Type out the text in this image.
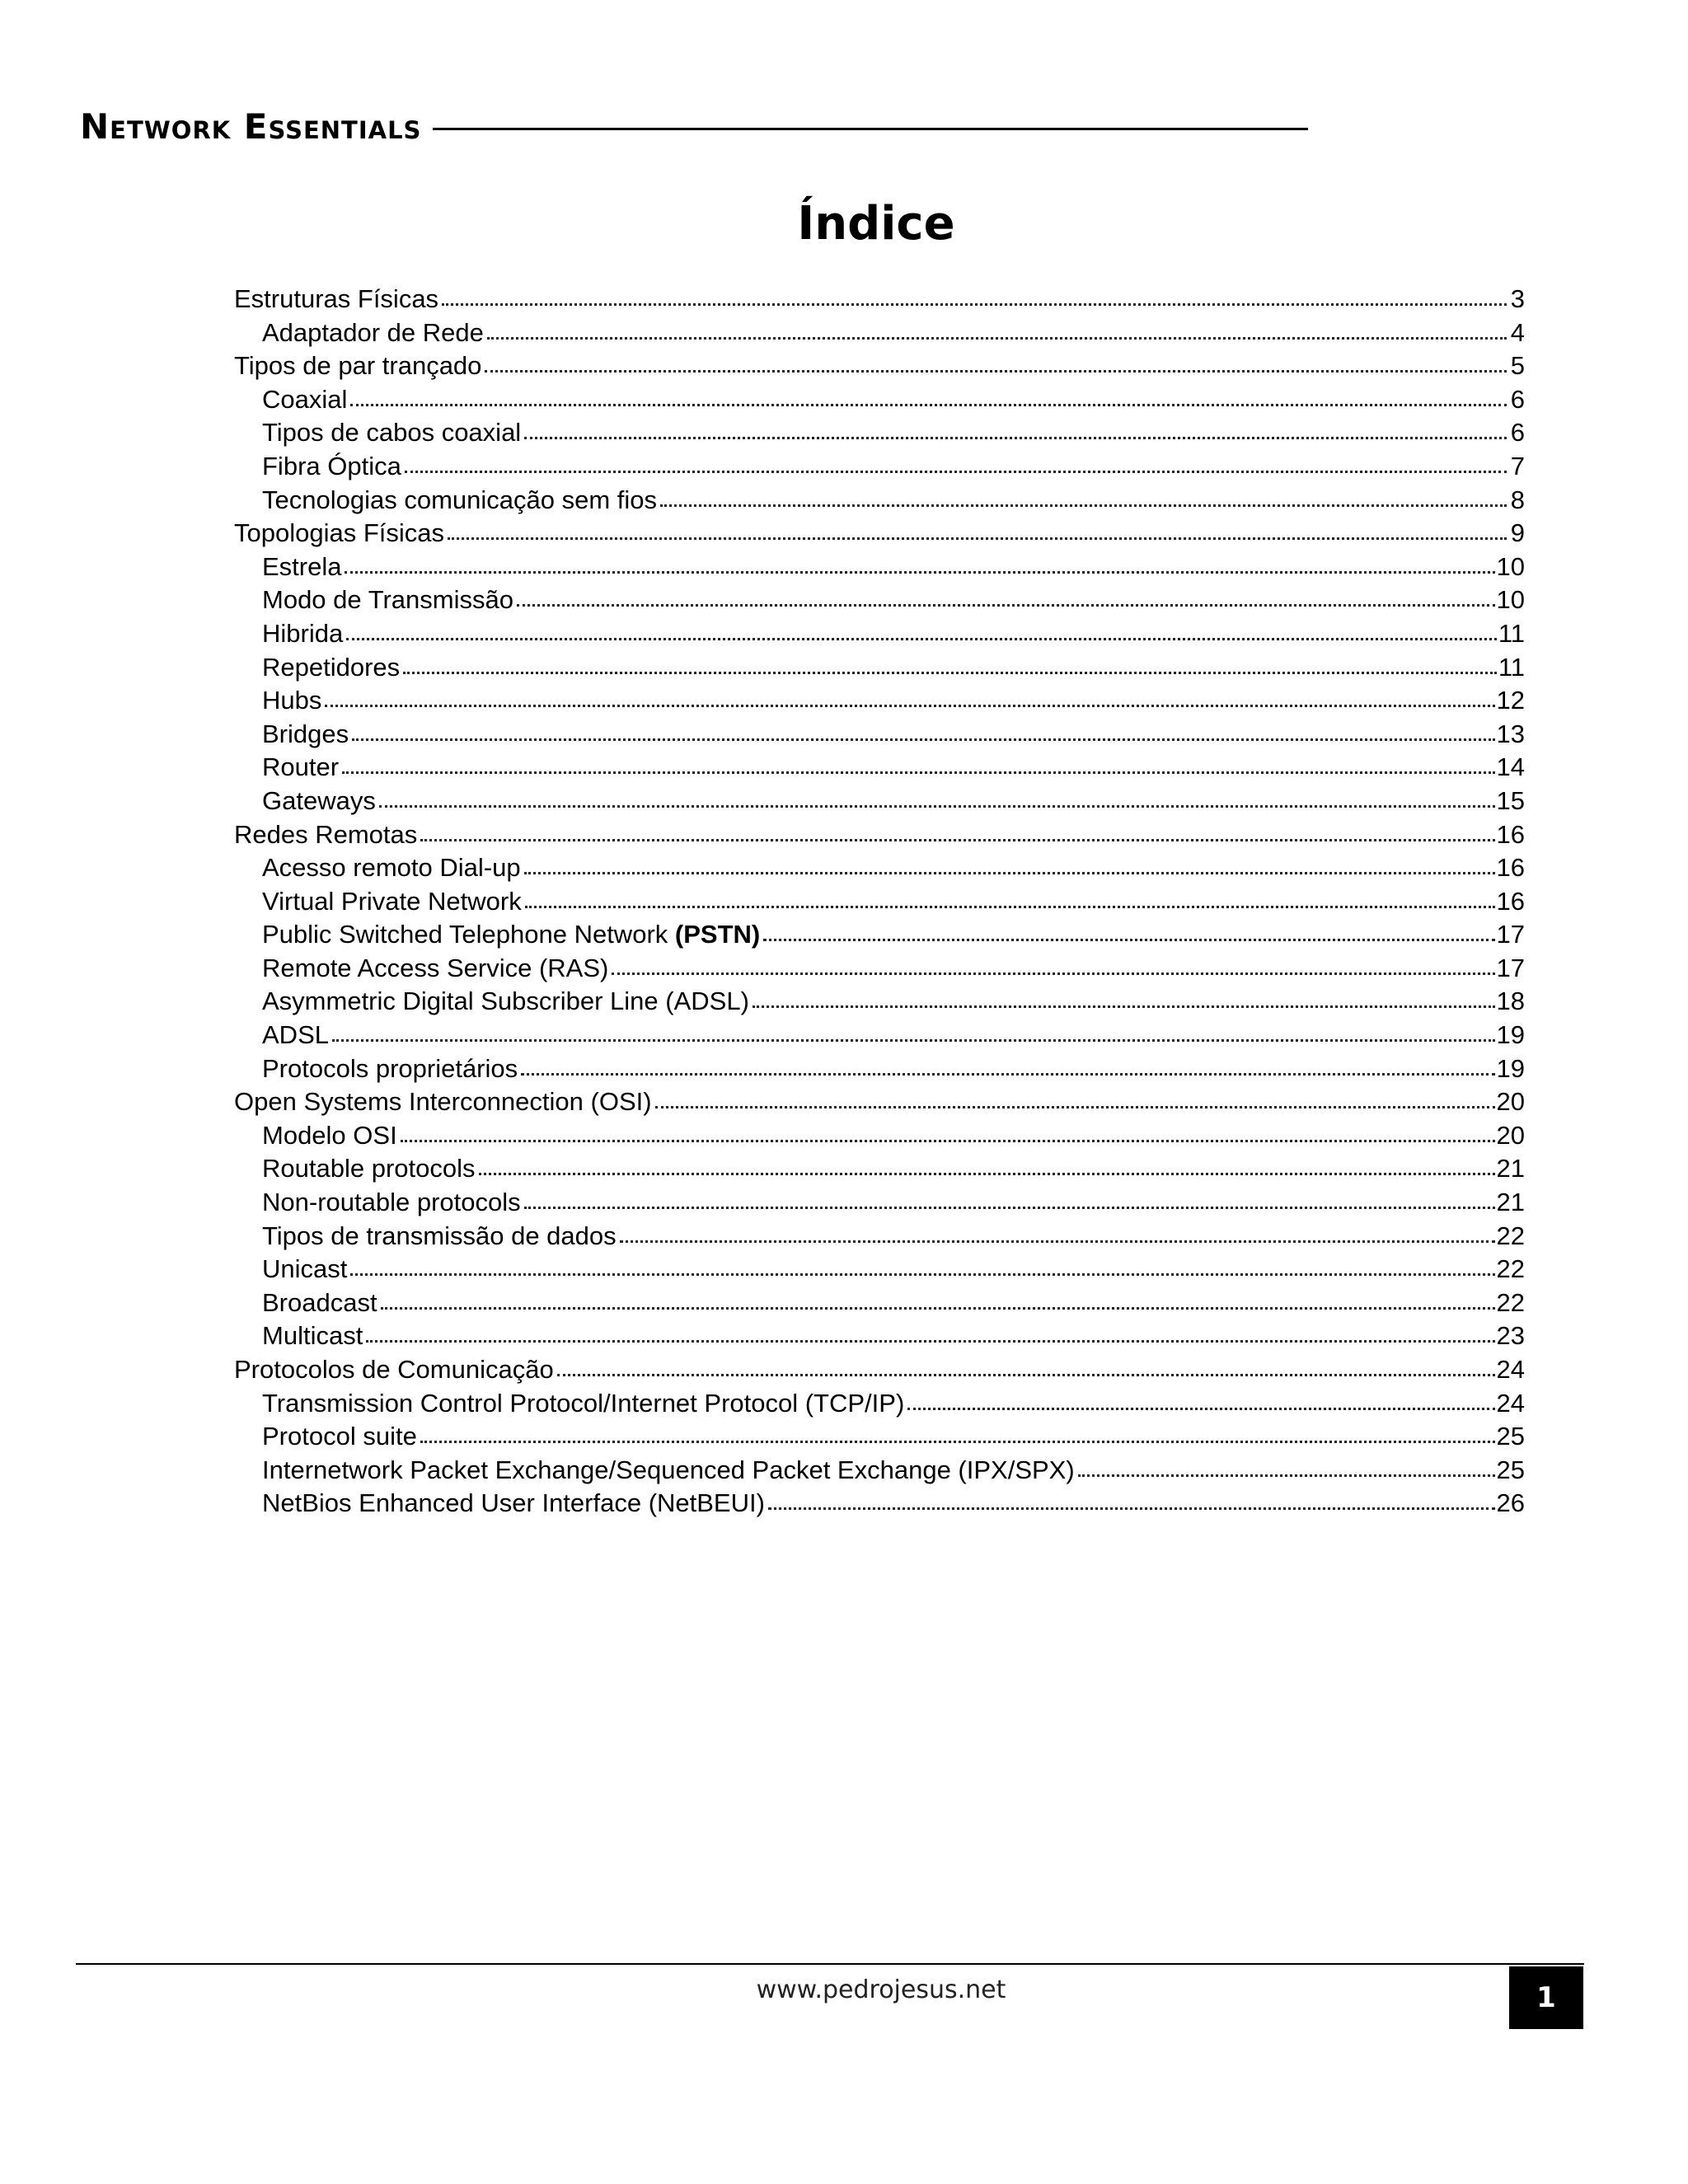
Network Essentials
Índice
Estruturas Físicas	3
Adaptador de Rede	4
Tipos de par trançado	5
Coaxial	6
Tipos de cabos coaxial	6
Fibra Óptica	7
Tecnologias comunicação sem fios	8
Topologias Físicas	9
Estrela	10
Modo de Transmissão	10
Hibrida	11
Repetidores	11
Hubs	12
Bridges	13
Router	14
Gateways	15
Redes Remotas	16
Acesso remoto Dial-up	16
Virtual Private Network	16
Public Switched Telephone Network (PSTN)	17
Remote Access Service (RAS)	17
Asymmetric Digital Subscriber Line (ADSL)	18
ADSL	19
Protocols proprietários	19
Open Systems Interconnection (OSI)	20
Modelo OSI	20
Routable protocols	21
Non-routable protocols	21
Tipos de transmissão de dados	22
Unicast	22
Broadcast	22
Multicast	23
Protocolos de Comunicação	24
Transmission Control Protocol/Internet Protocol (TCP/IP)	24
Protocol suite	25
Internetwork Packet Exchange/Sequenced Packet Exchange (IPX/SPX)	25
NetBios Enhanced User Interface (NetBEUI)	26
www.pedrojesus.net	1
